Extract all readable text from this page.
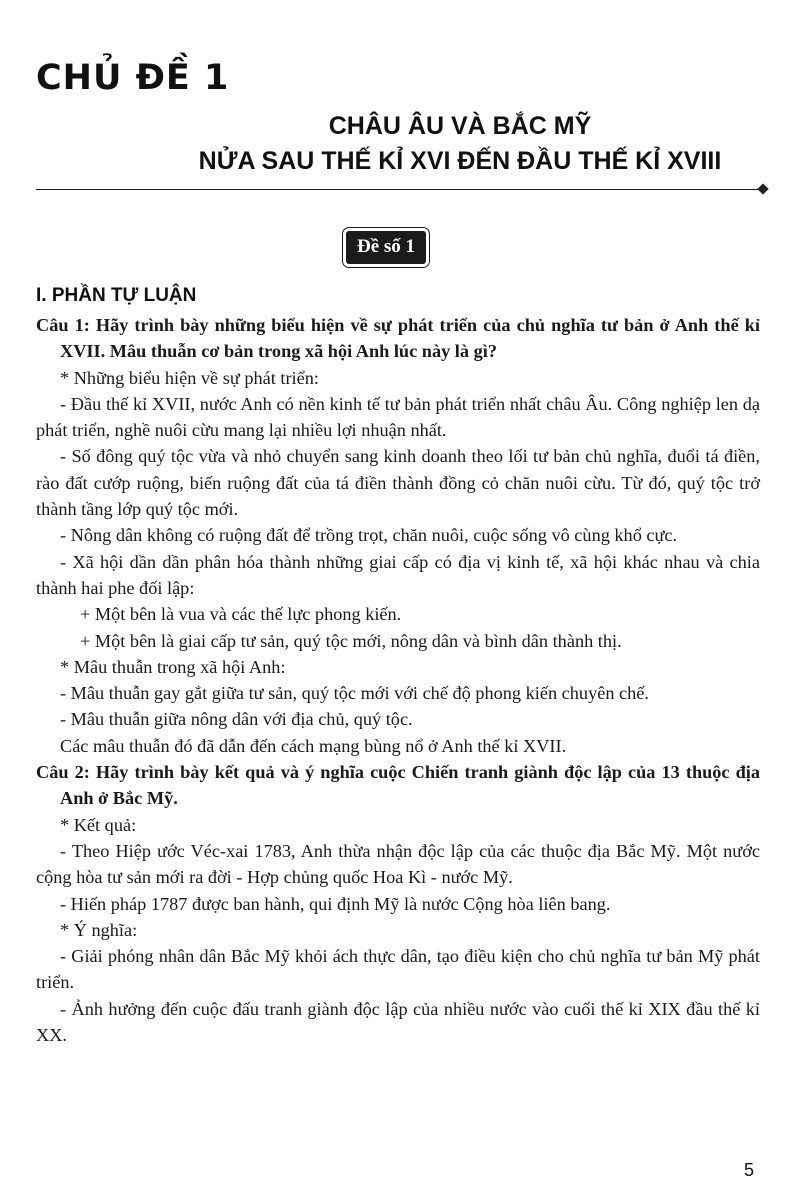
CHỦ ĐỀ 1
CHÂU ÂU VÀ BẮC MỸ
NỬA SAU THẾ KỈ XVI ĐẾN ĐẦU THẾ KỈ XVIII
Đề số 1
I. PHẦN TỰ LUẬN

Câu 1: Hãy trình bày những biểu hiện về sự phát triển của chủ nghĩa tư bản ở Anh thế kỉ XVII. Mâu thuẫn cơ bản trong xã hội Anh lúc này là gì?

* Những biểu hiện về sự phát triển:

- Đầu thế kỉ XVII, nước Anh có nền kinh tế tư bản phát triển nhất châu Âu. Công nghiệp len dạ phát triển, nghề nuôi cừu mang lại nhiều lợi nhuận nhất.

- Số đông quý tộc vừa và nhỏ chuyển sang kinh doanh theo lối tư bản chủ nghĩa, đuổi tá điền, rào đất cướp ruộng, biến ruộng đất của tá điền thành đồng cỏ chăn nuôi cừu. Từ đó, quý tộc trở thành tầng lớp quý tộc mới.

- Nông dân không có ruộng đất để trồng trọt, chăn nuôi, cuộc sống vô cùng khổ cực.

- Xã hội dần dần phân hóa thành những giai cấp có địa vị kinh tế, xã hội khác nhau và chia thành hai phe đối lập:

+ Một bên là vua và các thế lực phong kiến.

+ Một bên là giai cấp tư sản, quý tộc mới, nông dân và bình dân thành thị.

* Mâu thuẫn trong xã hội Anh:

- Mâu thuẫn gay gắt giữa tư sản, quý tộc mới với chế độ phong kiến chuyên chế.

- Mâu thuẫn giữa nông dân với địa chủ, quý tộc.

Các mâu thuẫn đó đã dẫn đến cách mạng bùng nổ ở Anh thế kỉ XVII.

Câu 2: Hãy trình bày kết quả và ý nghĩa cuộc Chiến tranh giành độc lập của 13 thuộc địa Anh ở Bắc Mỹ.

* Kết quả:

- Theo Hiệp ước Véc-xai 1783, Anh thừa nhận độc lập của các thuộc địa Bắc Mỹ. Một nước cộng hòa tư sản mới ra đời - Hợp chủng quốc Hoa Kì - nước Mỹ.

- Hiến pháp 1787 được ban hành, qui định Mỹ là nước Cộng hòa liên bang.

* Ý nghĩa:

- Giải phóng nhân dân Bắc Mỹ khỏi ách thực dân, tạo điều kiện cho chủ nghĩa tư bản Mỹ phát triển.

- Ảnh hưởng đến cuộc đấu tranh giành độc lập của nhiều nước vào cuối thế kỉ XIX đầu thế kỉ XX.

5
